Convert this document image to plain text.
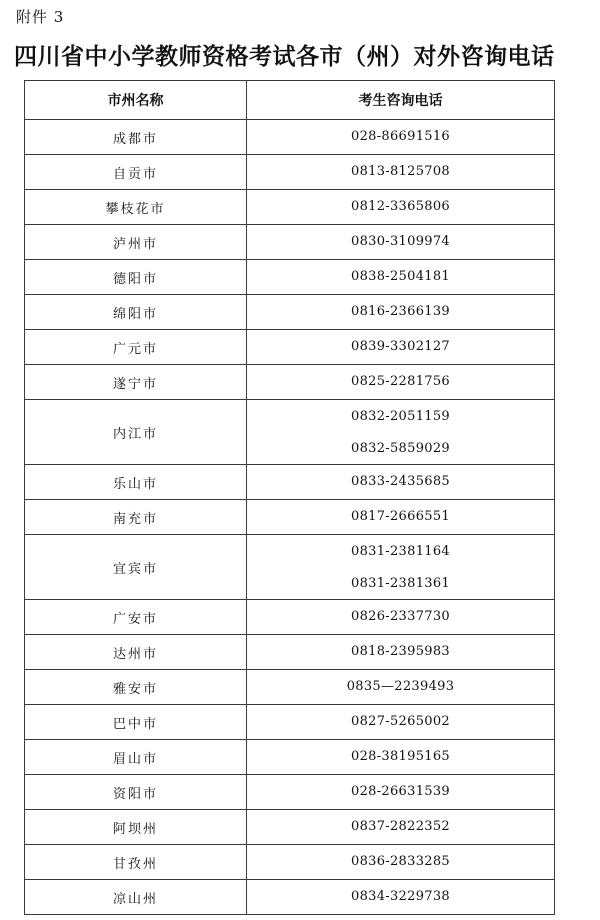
附件 3
四川省中小学教师资格考试各市（州）对外咨询电话
市州名称	考生咨询电话
成都市	028-86691516

自贡市	0813-8125708

攀枝花市	0812-3365806

泸州市	0830-3109974

德阳市	0838-2504181

绵阳市	0816-2366139

广元市	0839-3302127

遂宁市	0825-2281756

内江市	0832-2051159
0832-5859029

乐山市	0833-2435685

南充市	0817-2666551

宜宾市	0831-2381164
0831-2381361

广安市	0826-2337730

达州市	0818-2395983

雅安市	0835—2239493

巴中市	0827-5265002

眉山市	028-38195165

资阳市	028-26631539

阿坝州	0837-2822352

甘孜州	0836-2833285

凉山州	0834-3229738
